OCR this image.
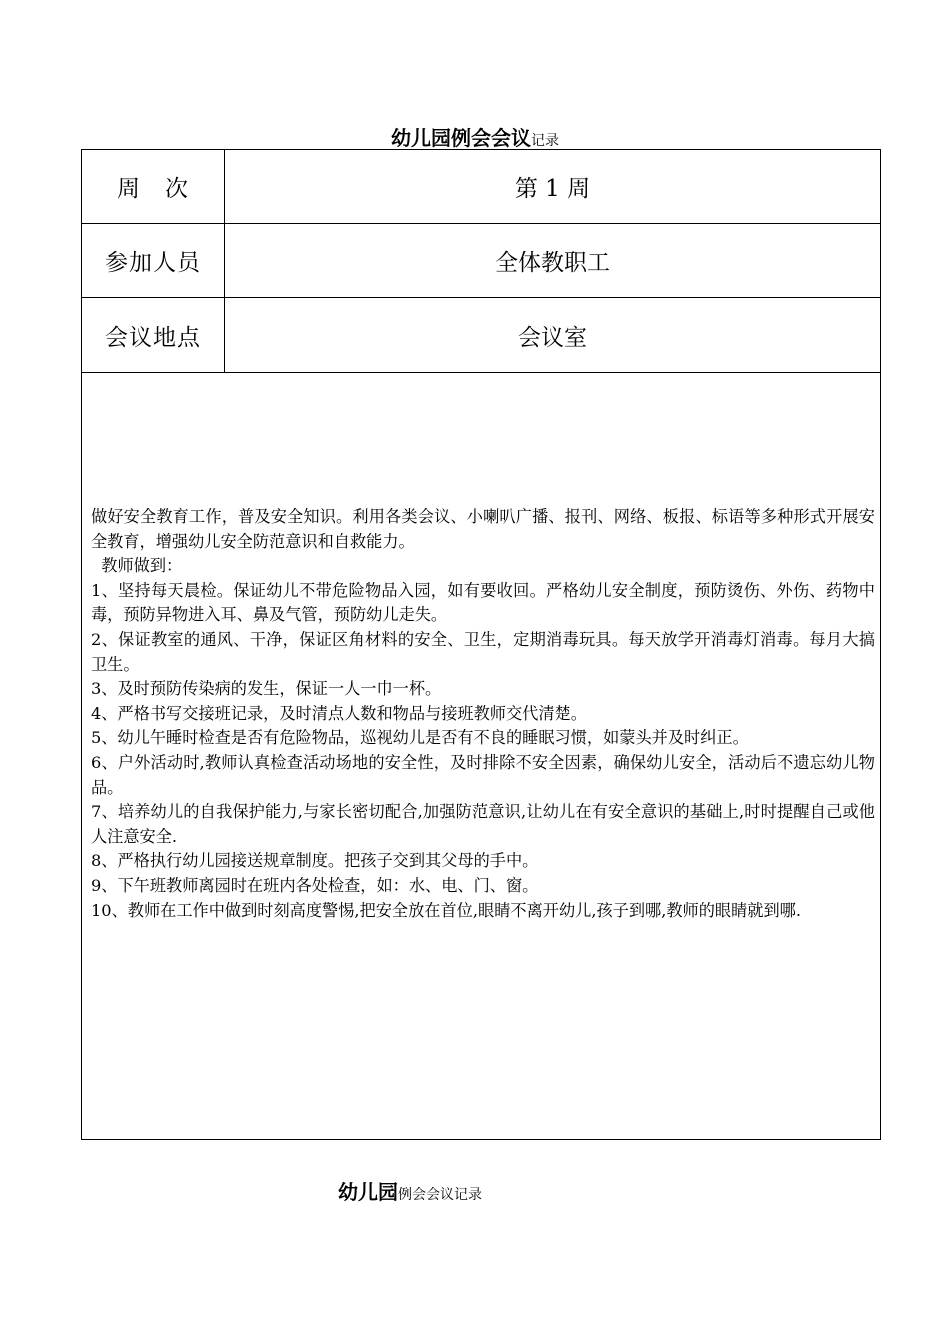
幼儿园例会会议记录
周　次	第 1 周
参加人员	全体教职工
会议地点	会议室

做好安全教育工作，普及安全知识。利用各类会议、小喇叭广播、报刊、网络、板报、标语等多种形式开展安全教育，增强幼儿安全防范意识和自救能力。

教师做到：

1、坚持每天晨检。保证幼儿不带危险物品入园，如有要收回。严格幼儿安全制度，预防烫伤、外伤、药物中毒，预防异物进入耳、鼻及气管，预防幼儿走失。

2、保证教室的通风、干净，保证区角材料的安全、卫生，定期消毒玩具。每天放学开消毒灯消毒。每月大搞卫生。

3、及时预防传染病的发生，保证一人一巾一杯。

4、严格书写交接班记录，及时清点人数和物品与接班教师交代清楚。

5、幼儿午睡时检查是否有危险物品，巡视幼儿是否有不良的睡眠习惯，如蒙头并及时纠正。

6、户外活动时,教师认真检查活动场地的安全性，及时排除不安全因素，确保幼儿安全，活动后不遗忘幼儿物品。

7、培养幼儿的自我保护能力,与家长密切配合,加强防范意识,让幼儿在有安全意识的基础上,时时提醒自己或他人注意安全.

8、严格执行幼儿园接送规章制度。把孩子交到其父母的手中。

9、下午班教师离园时在班内各处检查，如：水、电、门、窗。

10、教师在工作中做到时刻高度警惕,把安全放在首位,眼睛不离开幼儿,孩子到哪,教师的眼睛就到哪.

幼儿园例会会议记录
